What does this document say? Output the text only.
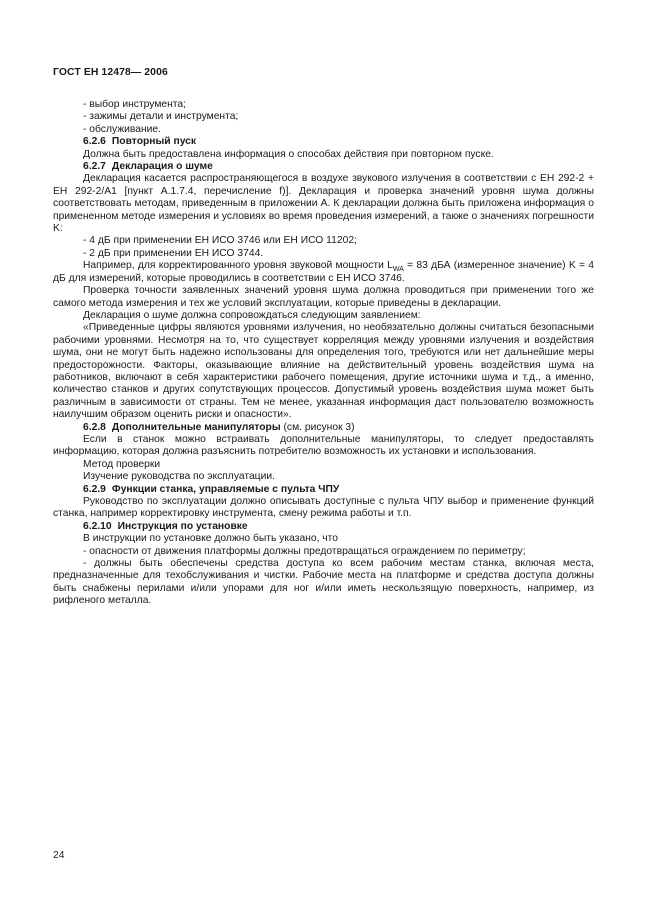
ГОСТ ЕН 12478— 2006

- выбор инструмента;

- зажимы детали и инструмента;

- обслуживание.

6.2.6 Повторный пуск

Должна быть предоставлена информация о способах действия при повторном пуске.

6.2.7 Декларация о шуме

Декларация касается распространяющегося в воздухе звукового излучения в соответствии с ЕН 292-2 + ЕН 292-2/А1 [пункт А.1.7.4, перечисление f)]. Декларация и проверка значений уровня шума должны соответствовать методам, приведенным в приложении А. К декларации должна быть приложена информация о примененном методе измерения и условиях во время проведения измерений, а также о значениях погрешности K:

- 4 дБ при применении ЕН ИСО 3746 или ЕН ИСО 11202;

- 2 дБ при применении ЕН ИСО 3744.

Например, для корректированного уровня звуковой мощности $L_{WA} = 83$ дБА (измеренное значение) K = 4 дБ для измерений, которые проводились в соответствии с ЕН ИСО 3746.

Проверка точности заявленных значений уровня шума должна проводиться при применении того же самого метода измерения и тех же условий эксплуатации, которые приведены в декларации.

Декларация о шуме должна сопровождаться следующим заявлением:

«Приведенные цифры являются уровнями излучения, но необязательно должны считаться безопасными рабочими уровнями. Несмотря на то, что существует корреляция между уровнями излучения и воздействия шума, они не могут быть надежно использованы для определения того, требуются или нет дальнейшие меры предосторожности. Факторы, оказывающие влияние на действительный уровень воздействия шума на работников, включают в себя характеристики рабочего помещения, другие источники шума и т.д., а именно, количество станков и других сопутствующих процессов. Допустимый уровень воздействия шума может быть различным в зависимости от страны. Тем не менее, указанная информация даст пользователю возможность наилучшим образом оценить риски и опасности».

6.2.8 Дополнительные манипуляторы (см. рисунок 3)

Если в станок можно встраивать дополнительные манипуляторы, то следует предоставлять информацию, которая должна разъяснить потребителю возможность их установки и использования.

Метод проверки

Изучение руководства по эксплуатации.

6.2.9 Функции станка, управляемые с пульта ЧПУ

Руководство по эксплуатации должно описывать доступные с пульта ЧПУ выбор и применение функций станка, например корректировку инструмента, смену режима работы и т.п.

6.2.10 Инструкция по установке

В инструкции по установке должно быть указано, что

- опасности от движения платформы должны предотвращаться ограждением по периметру;

- должны быть обеспечены средства доступа ко всем рабочим местам станка, включая места, предназначенные для техобслуживания и чистки. Рабочие места на платформе и средства доступа должны быть снабжены перилами и/или упорами для ног и/или иметь нескользящую поверхность, например, из рифленого металла.

24
